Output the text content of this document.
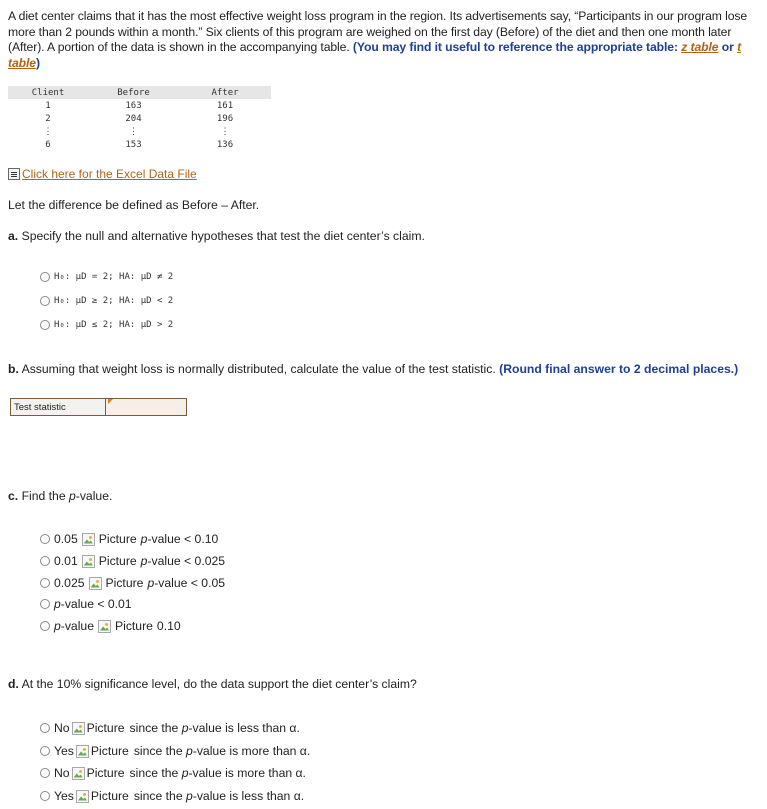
A diet center claims that it has the most effective weight loss program in the region. Its advertisements say, “Participants in our program lose more than 2 pounds within a month.” Six clients of this program are weighed on the first day (Before) of the diet and then one month later (After). A portion of the data is shown in the accompanying table. (You may find it useful to reference the appropriate table: z table or t table)
Client	Before	After
1	163	161
2	204	196
⋮	⋮	⋮
6	153	136
Click here for the Excel Data File
Let the difference be defined as Before – After.
a. Specify the null and alternative hypotheses that test the diet center’s claim.
H₀: μD = 2; HA: μD ≠ 2
H₀: μD ≥ 2; HA: μD < 2
H₀: μD ≤ 2; HA: μD > 2
b. Assuming that weight loss is normally distributed, calculate the value of the test statistic. (Round final answer to 2 decimal places.)
Test statistic
c. Find the p-value.
0.05 Picture p-value < 0.10
0.01 Picture p-value < 0.025
0.025 Picture p-value < 0.05
p-value < 0.01
p-value Picture 0.10
d. At the 10% significance level, do the data support the diet center’s claim?
No Picture since the p-value is less than α.
Yes Picture since the p-value is more than α.
No Picture since the p-value is more than α.
Yes Picture since the p-value is less than α.
